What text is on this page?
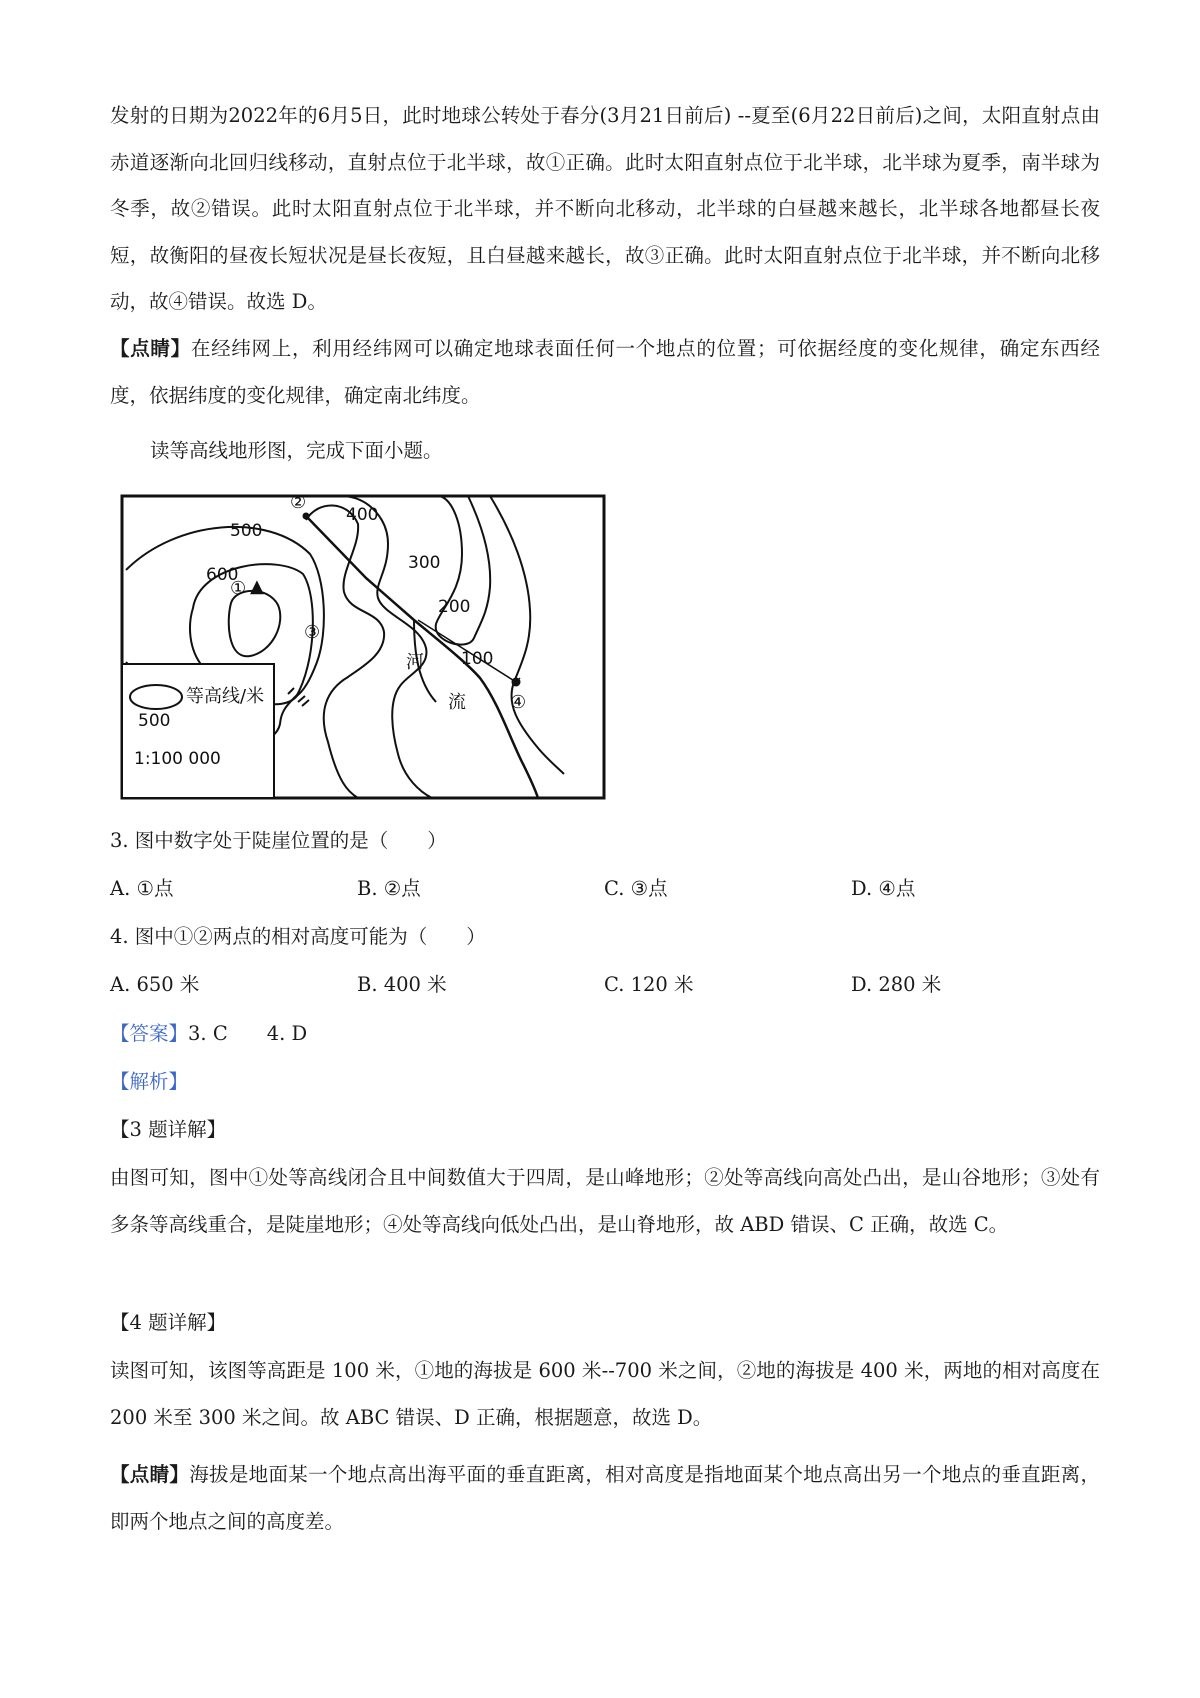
发射的日期为2022年的6月5日，此时地球公转处于春分(3月21日前后) --夏至(6月22日前后)之间，太阳直射点由赤道逐渐向北回归线移动，直射点位于北半球，故①正确。此时太阳直射点位于北半球，北半球为夏季，南半球为冬季，故②错误。此时太阳直射点位于北半球，并不断向北移动，北半球的白昼越来越长，北半球各地都昼长夜短，故衡阳的昼夜长短状况是昼长夜短，且白昼越来越长，故③正确。此时太阳直射点位于北半球，并不断向北移动，故④错误。故选 D。

【点睛】在经纬网上，利用经纬网可以确定地球表面任何一个地点的位置；可依据经度的变化规律，确定东西经度，依据纬度的变化规律，确定南北纬度。

读等高线地形图，完成下面小题。

400
300
200
100
500
600
① ▲
②
③
④
河
流
500
等高线/米
1:100 000

3. 图中数字处于陡崖位置的是（　　）

A. ①点	B. ②点	C. ③点	D. ④点

4. 图中①②两点的相对高度可能为（　　）

A. 650 米	B. 400 米	C. 120 米	D. 280 米

【答案】3. C　　4. D

【解析】

【3 题详解】

由图可知，图中①处等高线闭合且中间数值大于四周，是山峰地形；②处等高线向高处凸出，是山谷地形；③处有多条等高线重合，是陡崖地形；④处等高线向低处凸出，是山脊地形，故 ABD 错误、C 正确，故选 C。

【4 题详解】

读图可知，该图等高距是 100 米，①地的海拔是 600 米--700 米之间，②地的海拔是 400 米，两地的相对高度在 200 米至 300 米之间。故 ABC 错误、D 正确，根据题意，故选 D。

【点睛】海拔是地面某一个地点高出海平面的垂直距离，相对高度是指地面某个地点高出另一个地点的垂直距离，即两个地点之间的高度差。
